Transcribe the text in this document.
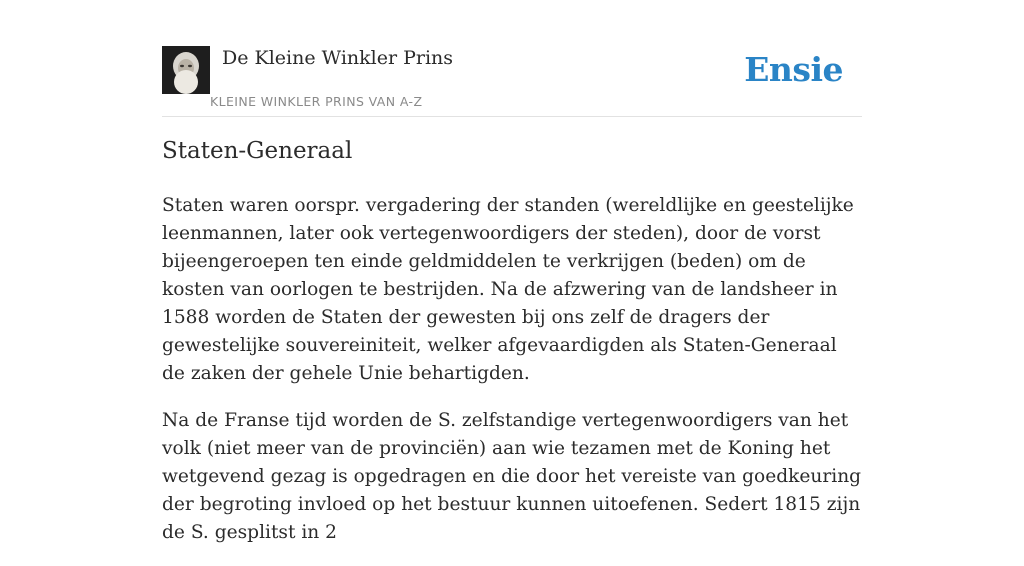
De Kleine Winkler Prins
KLEINE WINKLER PRINS VAN A-Z
Ensie
Staten-Generaal

Staten waren oorspr. vergadering der standen (wereldlijke en geestelijke leenmannen, later ook vertegenwoordigers der steden), door de vorst bijeengeroepen ten einde geldmiddelen te verkrijgen (beden) om de kosten van oorlogen te bestrijden. Na de afzwering van de landsheer in 1588 worden de Staten der gewesten bij ons zelf de dragers der gewestelijke souvereiniteit, welker afgevaardigden als Staten-Generaal de zaken der gehele Unie behartigden.

Na de Franse tijd worden de S. zelfstandige vertegenwoordigers van het volk (niet meer van de provinciën) aan wie tezamen met de Koning het wetgevend gezag is opgedragen en die door het vereiste van goedkeuring der begroting invloed op het bestuur kunnen uitoefenen. Sedert 1815 zijn de S. gesplitst in 2
